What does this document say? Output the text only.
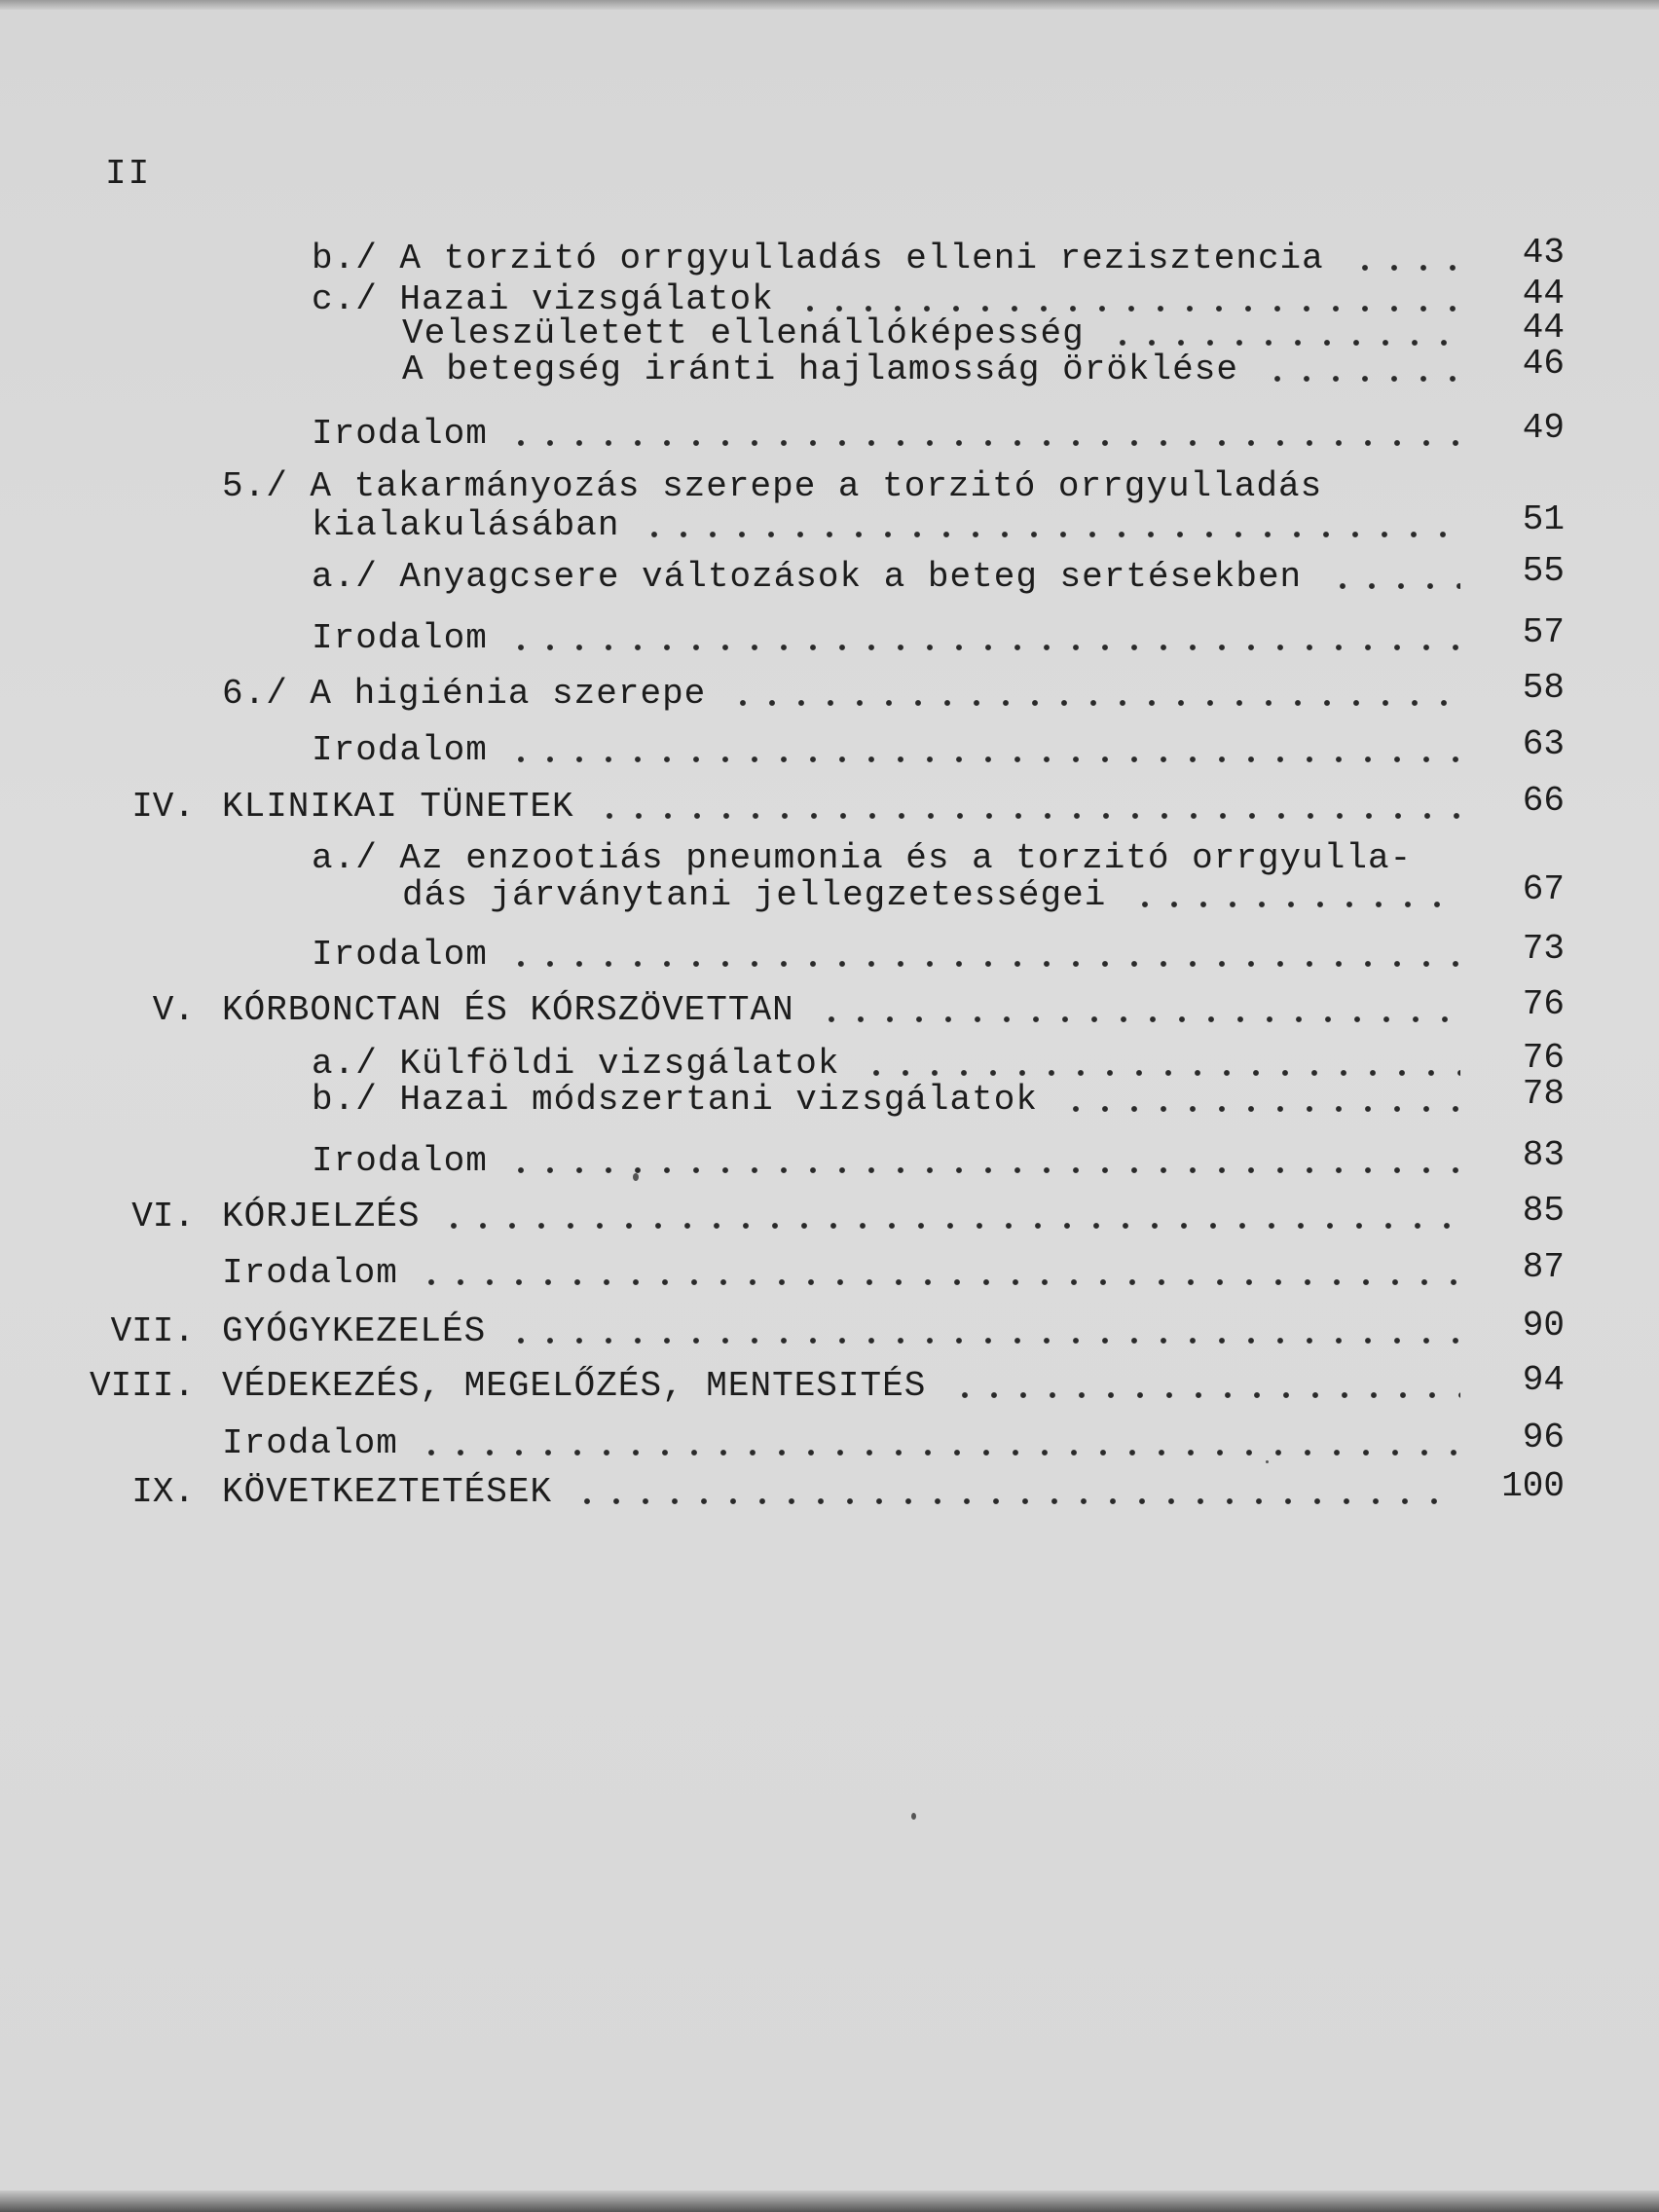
II
b./ A torzitó orrgyulladás elleni rezisztencia	43
c./ Hazai vizsgálatok	44
Veleszületett ellenállóképesség	44
A betegség iránti hajlamosság öröklése	46
Irodalom	49
5./ A takarmányozás szerepe a torzitó orrgyulladás
kialakulásában	51
a./ Anyagcsere változások a beteg sertésekben	55
Irodalom	57
6./ A higiénia szerepe	58
Irodalom	63
IV. KLINIKAI TÜNETEK	66
a./ Az enzootiás pneumonia és a torzitó orrgyulla-
dás járványtani jellegzetességei	67
Irodalom	73
V. KÓRBONCTAN ÉS KÓRSZÖVETTAN	76
a./ Külföldi vizsgálatok	76
b./ Hazai módszertani vizsgálatok	78
Irodalom	83
VI. KÓRJELZÉS	85
Irodalom	87
VII. GYÓGYKEZELÉS	90
VIII. VÉDEKEZÉS, MEGELŐZÉS, MENTESITÉS	94
Irodalom	96
IX. KÖVETKEZTETÉSEK	100
